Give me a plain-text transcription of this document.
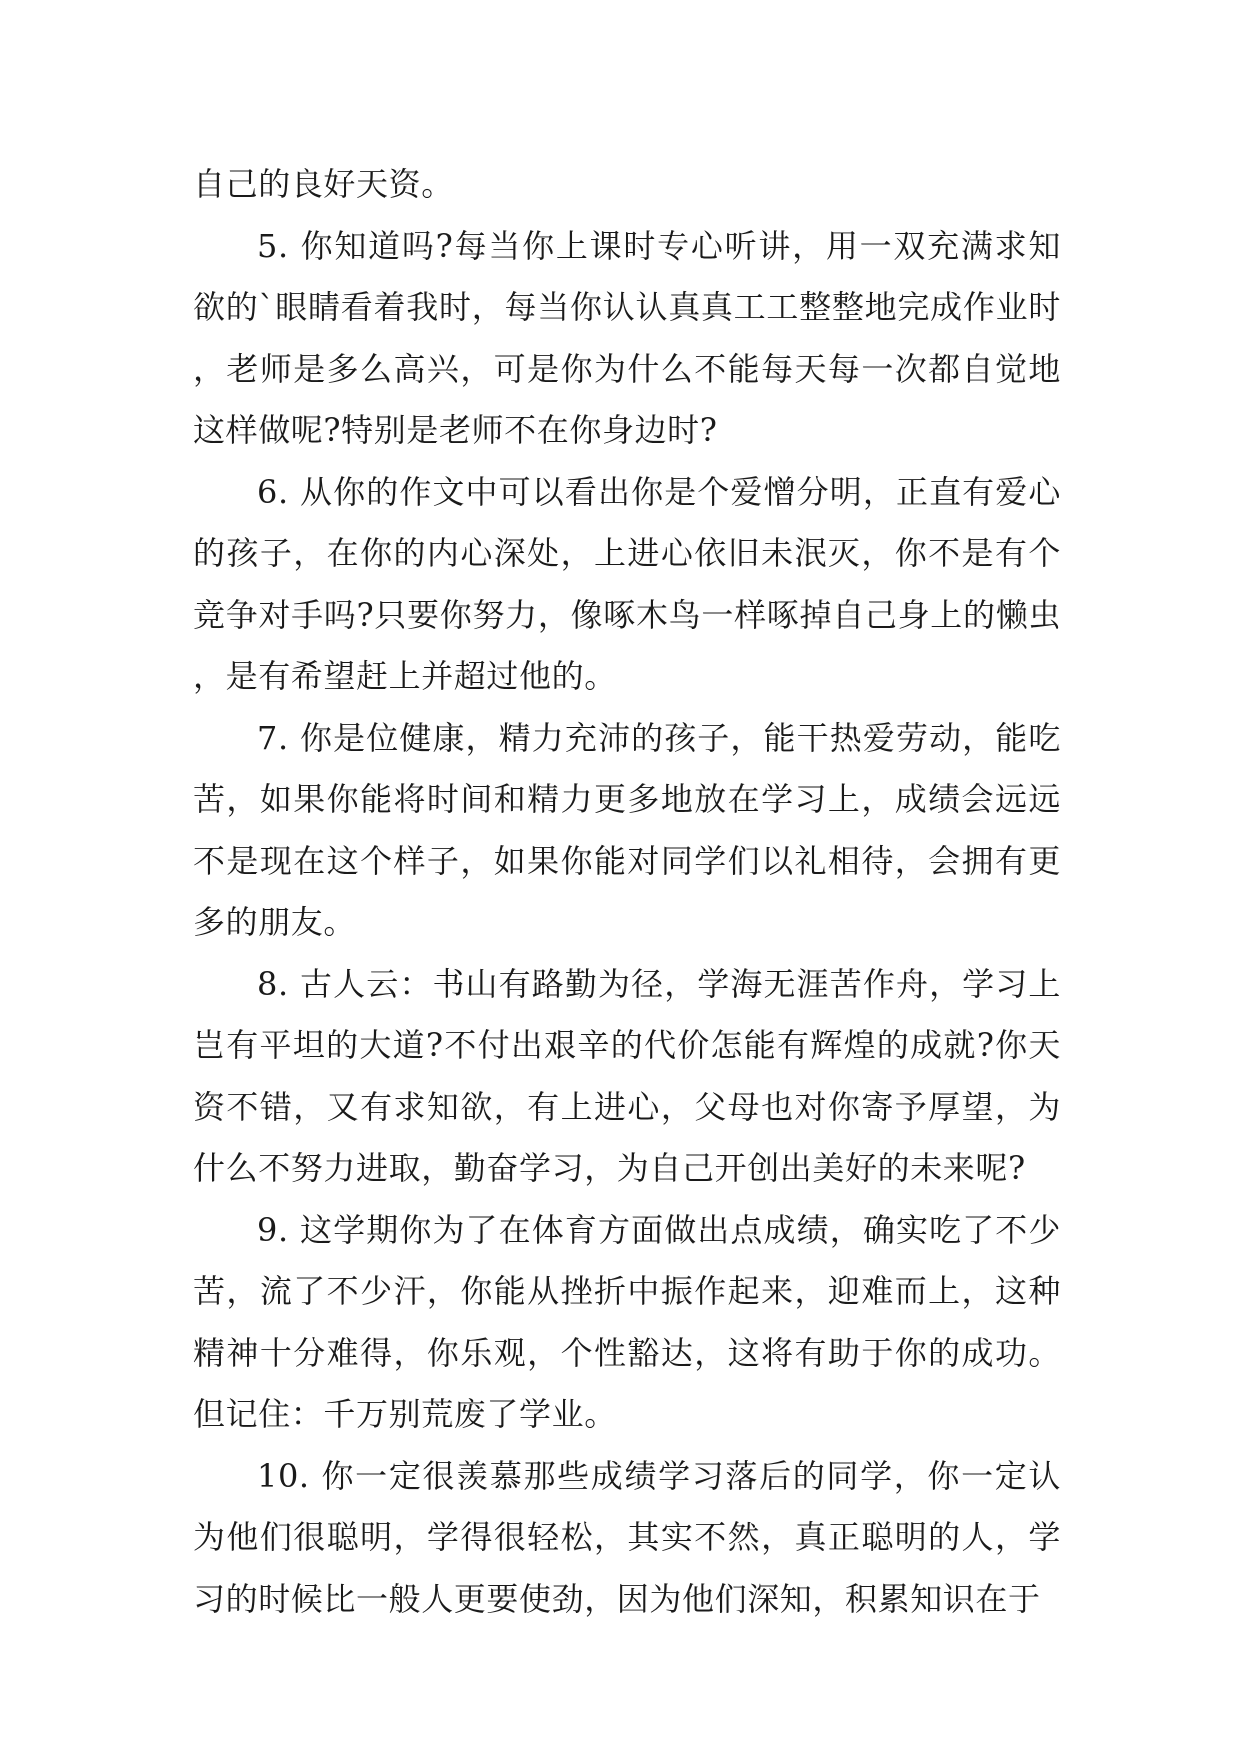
自己的良好天资。

5. 你知道吗?每当你上课时专心听讲，用一双充满求知欲的`眼睛看着我时，每当你认认真真工工整整地完成作业时，老师是多么高兴，可是你为什么不能每天每一次都自觉地这样做呢?特别是老师不在你身边时?

6. 从你的作文中可以看出你是个爱憎分明，正直有爱心的孩子，在你的内心深处，上进心依旧未泯灭，你不是有个竞争对手吗?只要你努力，像啄木鸟一样啄掉自己身上的懒虫，是有希望赶上并超过他的。

7. 你是位健康，精力充沛的孩子，能干热爱劳动，能吃苦，如果你能将时间和精力更多地放在学习上，成绩会远远不是现在这个样子，如果你能对同学们以礼相待，会拥有更多的朋友。

8. 古人云：书山有路勤为径，学海无涯苦作舟，学习上岂有平坦的大道?不付出艰辛的代价怎能有辉煌的成就?你天资不错，又有求知欲，有上进心，父母也对你寄予厚望，为什么不努力进取，勤奋学习，为自己开创出美好的未来呢?

9. 这学期你为了在体育方面做出点成绩，确实吃了不少苦，流了不少汗，你能从挫折中振作起来，迎难而上，这种精神十分难得，你乐观，个性豁达，这将有助于你的成功。但记住：千万别荒废了学业。

10. 你一定很羡慕那些成绩学习落后的同学，你一定认为他们很聪明，学得很轻松，其实不然，真正聪明的人，学习的时候比一般人更要使劲，因为他们深知，积累知识在于
